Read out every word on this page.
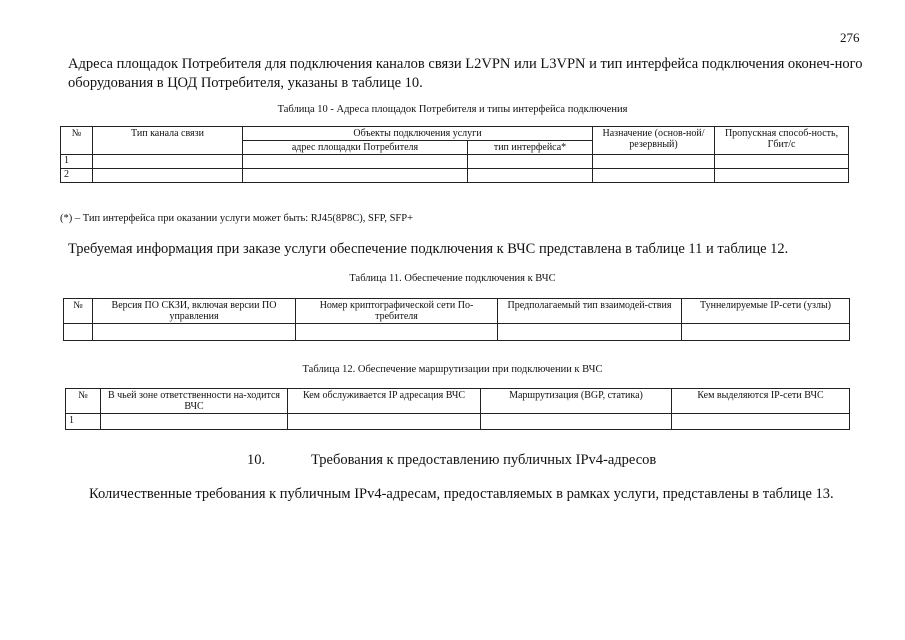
276
Адреса площадок Потребителя для подключения каналов связи L2VPN или L3VPN и тип интерфейса подключения оконеч-ного оборудования в ЦОД Потребителя, указаны в таблице 10.
Таблица 10 - Адреса площадок Потребителя и типы интерфейса подключения
№	Тип канала связи	Объекты подключения услуги		Назначение (основ-ной/ резервный)	Пропускная способ-ность, Гбит/с
		адрес площадки Потребителя	тип интерфейса*		
1					
2					
(*) – Тип интерфейса при оказании услуги может быть: RJ45(8P8C), SFP, SFP+
Требуемая информация при заказе услуги обеспечение подключения к ВЧС представлена в таблице 11 и таблице 12.
Таблица 11. Обеспечение подключения к ВЧС
№	Версия ПО СКЗИ, включая версии ПО управления	Номер криптографической сети По-требителя	Предполагаемый тип взаимодей-ствия	Туннелируемые IP-сети (узлы)

Таблица 12. Обеспечение маршрутизации при подключении к ВЧС
№	В чьей зоне ответственности на-ходится ВЧС	Кем обслуживается IP адресация ВЧС	Маршрутизация (BGP, статика)	Кем выделяются IP-сети ВЧС
1				
10.	Требования к предоставлению публичных IPv4-адресов
Количественные требования к публичным IPv4-адресам, предоставляемых в рамках услуги, представлены в таблице 13.
